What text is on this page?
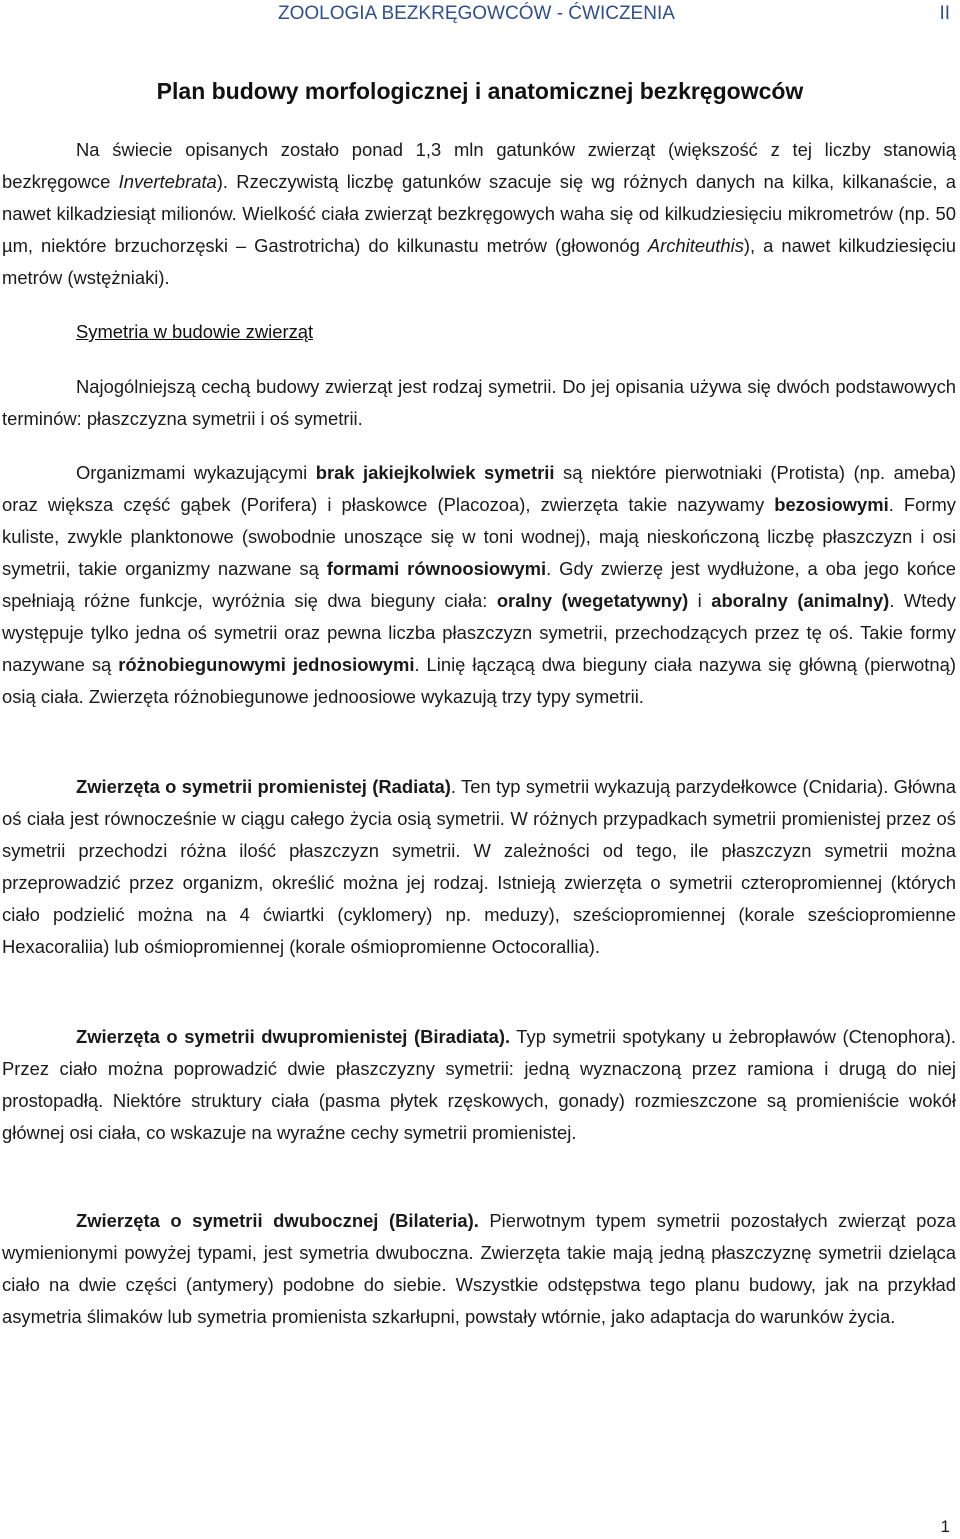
ZOOLOGIA BEZKRĘGOWCÓW - ĆWICZENIA	II
Plan budowy morfologicznej i anatomicznej bezkręgowców

Na świecie opisanych zostało ponad 1,3 mln gatunków zwierząt (większość z tej liczby stanowią bezkręgowce Invertebrata). Rzeczywistą liczbę gatunków szacuje się wg różnych danych na kilka, kilkanaście, a nawet kilkadziesiąt milionów. Wielkość ciała zwierząt bezkręgowych waha się od kilkudziesięciu mikrometrów (np. 50 µm, niektóre brzuchorzęski – Gastrotricha) do kilkunastu metrów (głowonóg Architeuthis), a nawet kilkudziesięciu metrów (wstężniaki).

Symetria w budowie zwierząt

Najogólniejszą cechą budowy zwierząt jest rodzaj symetrii. Do jej opisania używa się dwóch podstawowych terminów: płaszczyzna symetrii i oś symetrii.

Organizmami wykazującymi brak jakiejkolwiek symetrii są niektóre pierwotniaki (Protista) (np. ameba) oraz większa część gąbek (Porifera) i płaskowce (Placozoa), zwierzęta takie nazywamy bezosiowymi. Formy kuliste, zwykle planktonowe (swobodnie unoszące się w toni wodnej), mają nieskończoną liczbę płaszczyzn i osi symetrii, takie organizmy nazwane są formami równoosiowymi. Gdy zwierzę jest wydłużone, a oba jego końce spełniają różne funkcje, wyróżnia się dwa bieguny ciała: oralny (wegetatywny) i aboralny (animalny). Wtedy występuje tylko jedna oś symetrii oraz pewna liczba płaszczyzn symetrii, przechodzących przez tę oś. Takie formy nazywane są różnobiegunowymi jednosiowymi. Linię łączącą dwa bieguny ciała nazywa się główną (pierwotną) osią ciała. Zwierzęta różnobiegunowe jednoosiowe wykazują trzy typy symetrii.

Zwierzęta o symetrii promienistej (Radiata). Ten typ symetrii wykazują parzydełkowce (Cnidaria). Główna oś ciała jest równocześnie w ciągu całego życia osią symetrii. W różnych przypadkach symetrii promienistej przez oś symetrii przechodzi różna ilość płaszczyzn symetrii. W zależności od tego, ile płaszczyzn symetrii można przeprowadzić przez organizm, określić można jej rodzaj. Istnieją zwierzęta o symetrii czteropromiennej (których ciało podzielić można na 4 ćwiartki (cyklomery) np. meduzy), sześciopromiennej (korale sześciopromienne Hexacoraliia) lub ośmiopromiennej (korale ośmiopromienne Octocorallia).

Zwierzęta o symetrii dwupromienistej (Biradiata). Typ symetrii spotykany u żebropławów (Ctenophora). Przez ciało można poprowadzić dwie płaszczyzny symetrii: jedną wyznaczoną przez ramiona i drugą do niej prostopadłą. Niektóre struktury ciała (pasma płytek rzęskowych, gonady) rozmieszczone są promieniście wokół głównej osi ciała, co wskazuje na wyraźne cechy symetrii promienistej.

Zwierzęta o symetrii dwubocznej (Bilateria). Pierwotnym typem symetrii pozostałych zwierząt poza wymienionymi powyżej typami, jest symetria dwuboczna. Zwierzęta takie mają jedną płaszczyznę symetrii dzieląca ciało na dwie części (antymery) podobne do siebie. Wszystkie odstępstwa tego planu budowy, jak na przykład asymetria ślimaków lub symetria promienista szkarłupni, powstały wtórnie, jako adaptacja do warunków życia.

1
